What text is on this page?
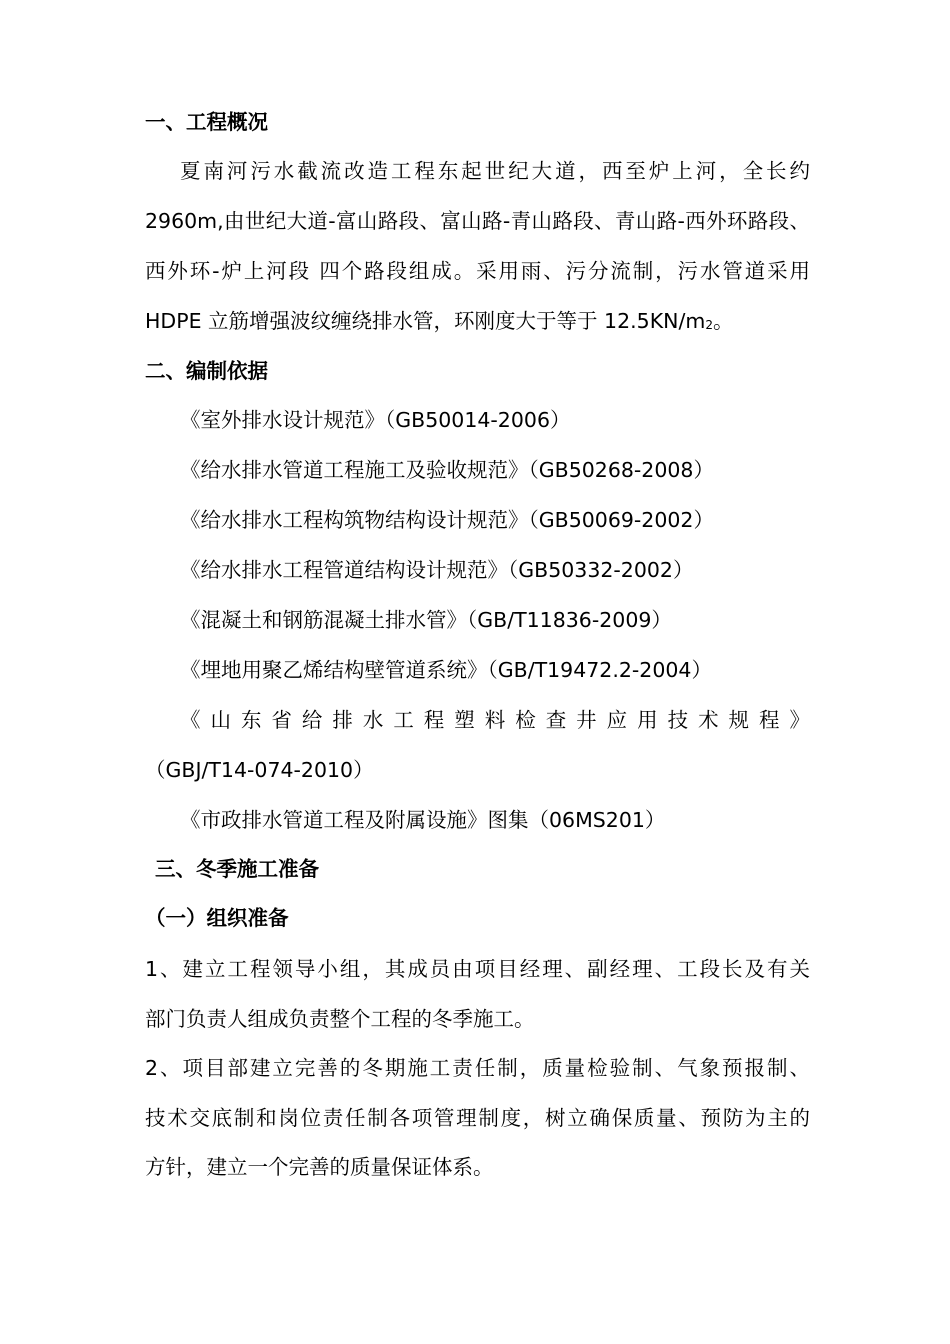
一、工程概况
夏南河污水截流改造工程东起世纪大道，西至炉上河，全长约
2960m,由世纪大道-富山路段、富山路-青山路段、青山路-西外环路段、
西外环-炉上河段 四个路段组成。采用雨、污分流制，污水管道采用
HDPE 立筋增强波纹缠绕排水管，环刚度大于等于 $12.5KN/m^2$。
二、编制依据
《室外排水设计规范》（GB50014-2006）
《给水排水管道工程施工及验收规范》（GB50268-2008）
《给水排水工程构筑物结构设计规范》（GB50069-2002）
《给水排水工程管道结构设计规范》（GB50332-2002）
《混凝土和钢筋混凝土排水管》（GB/T11836-2009）
《埋地用聚乙烯结构壁管道系统》（GB/T19472.2-2004）
《山东省给排水工程塑料检查井应用技术规程》
（GBJ/T14-074-2010）
《市政排水管道工程及附属设施》图集（06MS201）
三、冬季施工准备
（一）组织准备
1、建立工程领导小组，其成员由项目经理、副经理、工段长及有关
部门负责人组成负责整个工程的冬季施工。
2、项目部建立完善的冬期施工责任制，质量检验制、气象预报制、
技术交底制和岗位责任制各项管理制度，树立确保质量、预防为主的
方针，建立一个完善的质量保证体系。
